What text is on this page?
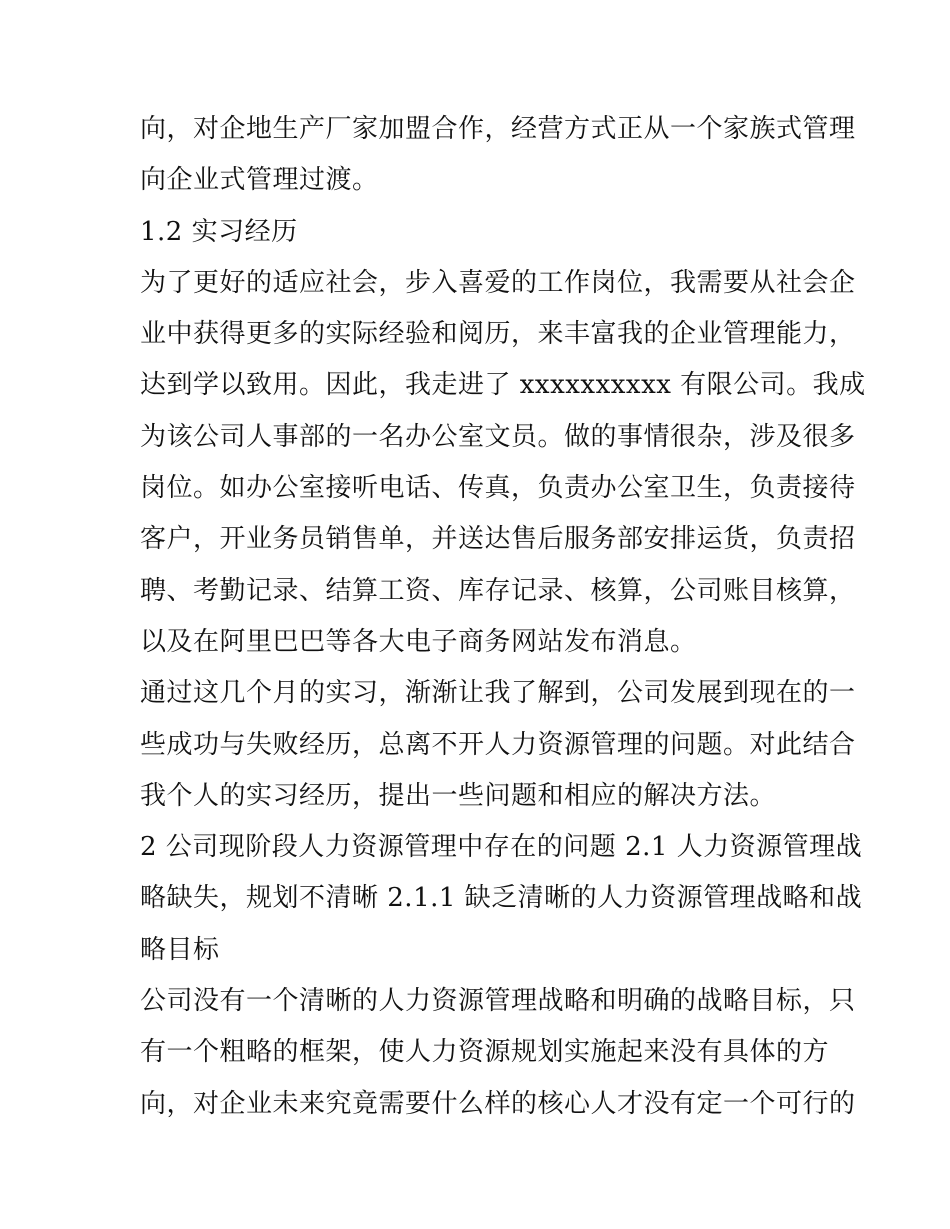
向，对企地生产厂家加盟合作，经营方式正从一个家族式管理
向企业式管理过渡。
1.2 实习经历
为了更好的适应社会，步入喜爱的工作岗位，我需要从社会企
业中获得更多的实际经验和阅历，来丰富我的企业管理能力，
达到学以致用。因此，我走进了 xxxxxxxxxx 有限公司。我成
为该公司人事部的一名办公室文员。做的事情很杂，涉及很多
岗位。如办公室接听电话、传真，负责办公室卫生，负责接待
客户，开业务员销售单，并送达售后服务部安排运货，负责招
聘、考勤记录、结算工资、库存记录、核算，公司账目核算，
以及在阿里巴巴等各大电子商务网站发布消息。
通过这几个月的实习，渐渐让我了解到，公司发展到现在的一
些成功与失败经历，总离不开人力资源管理的问题。对此结合
我个人的实习经历，提出一些问题和相应的解决方法。
2 公司现阶段人力资源管理中存在的问题 2.1 人力资源管理战
略缺失，规划不清晰 2.1.1 缺乏清晰的人力资源管理战略和战
略目标
公司没有一个清晰的人力资源管理战略和明确的战略目标，只
有一个粗略的框架，使人力资源规划实施起来没有具体的方
向，对企业未来究竟需要什么样的核心人才没有定一个可行的
